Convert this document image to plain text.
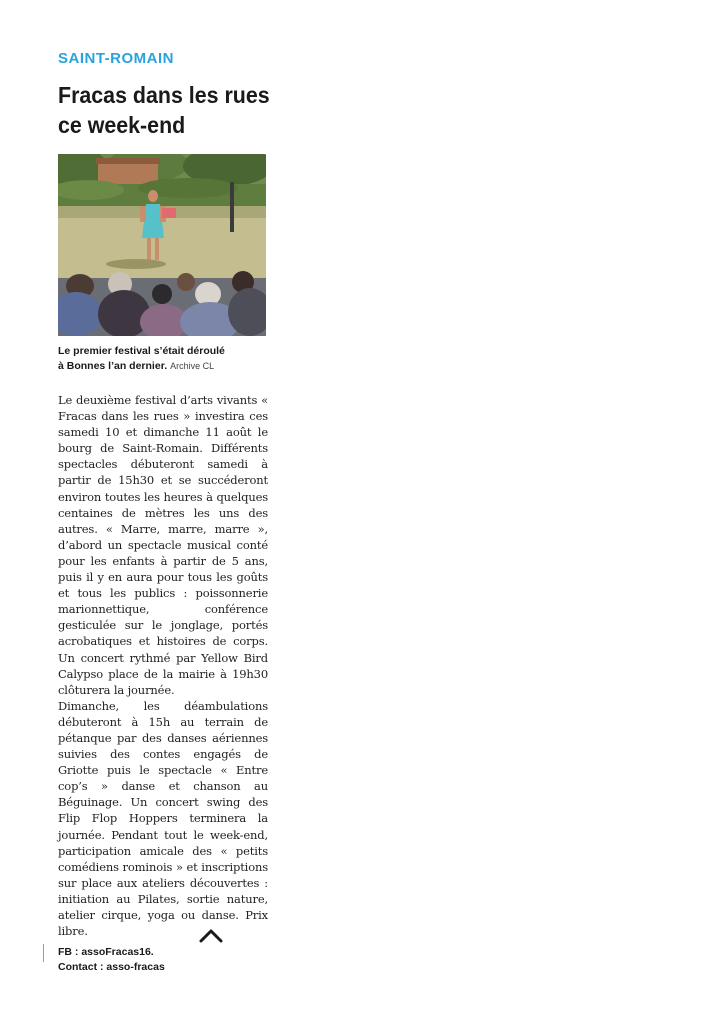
SAINT-ROMAIN
Fracas dans les rues
ce week-end
Le premier festival s’était déroulé
à Bonnes l’an dernier. Archive CL

Le deuxième festival d’arts vivants « Fracas dans les rues » investira ces samedi 10 et dimanche 11 août le bourg de Saint-Romain. Différents spectacles débuteront samedi à partir de 15h30 et se succéderont environ toutes les heures à quelques centaines de mètres les uns des autres. « Marre, marre, marre », d’abord un spectacle musical conté pour les enfants à partir de 5 ans, puis il y en aura pour tous les goûts et tous les publics : poissonnerie marionnettique, conférence gesticulée sur le jonglage, portés acrobatiques et histoires de corps. Un concert rythmé par Yellow Bird Calypso place de la mairie à 19h30 clôturera la journée.

Dimanche, les déambulations débuteront à 15h au terrain de pétanque par des danses aériennes suivies des contes engagés de Griotte puis le spectacle « Entre cop’s » danse et chanson au Béguinage. Un concert swing des Flip Flop Hoppers terminera la journée. Pendant tout le week-end, participation amicale des « petits comédiens rominois » et inscriptions sur place aux ateliers découvertes : initiation au Pilates, sortie nature, atelier cirque, yoga ou danse. Prix libre.

FB : assoFracas16.
Contact : asso-fracas
